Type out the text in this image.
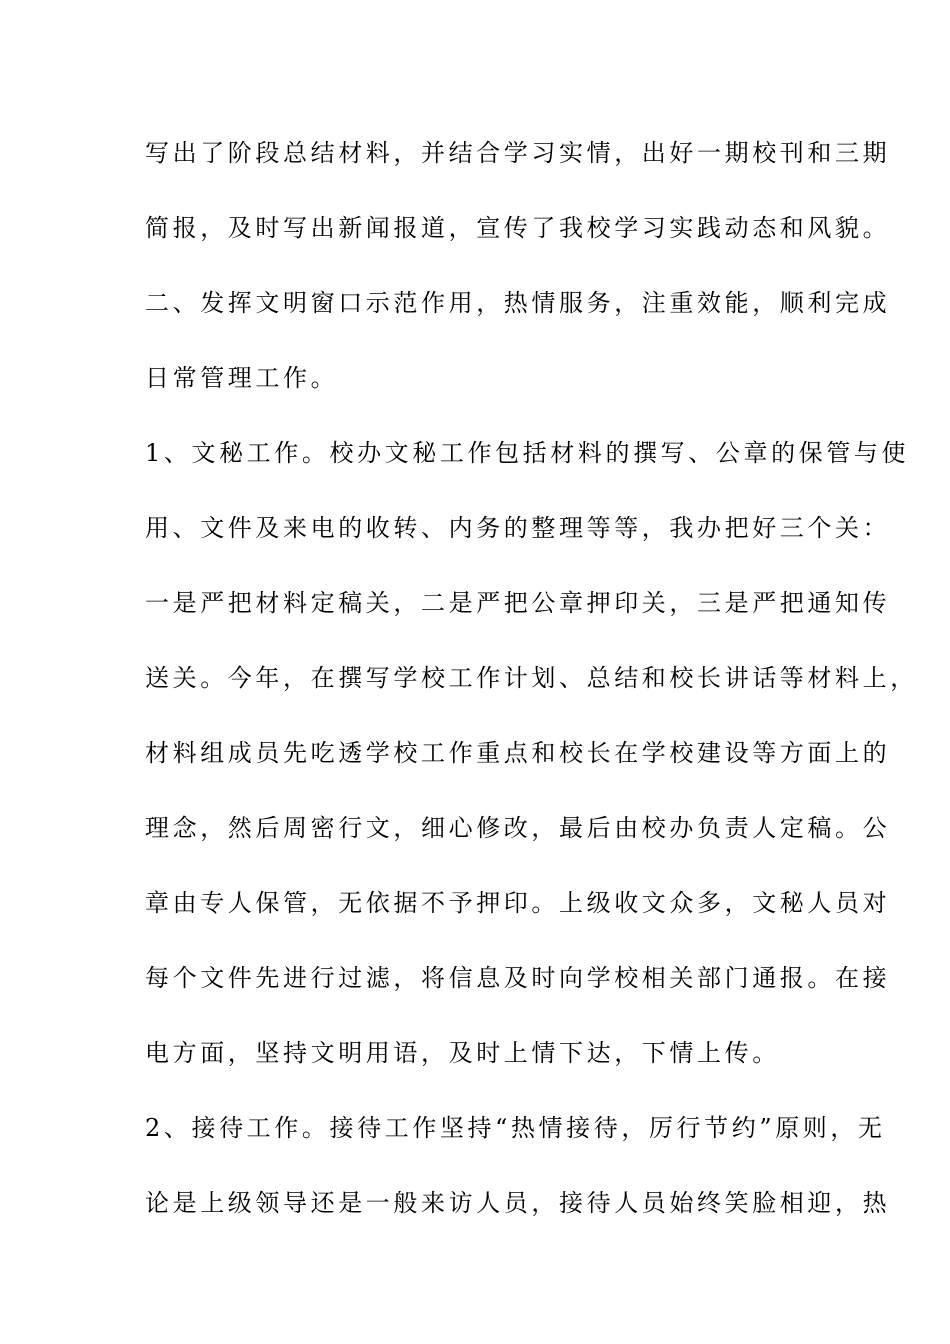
写出了阶段总结材料，并结合学习实情，出好一期校刊和三期
简报，及时写出新闻报道，宣传了我校学习实践动态和风貌。
二、发挥文明窗口示范作用，热情服务，注重效能，顺利完成
日常管理工作。
1、文秘工作。校办文秘工作包括材料的撰写、公章的保管与使
用、文件及来电的收转、内务的整理等等，我办把好三个关：
一是严把材料定稿关，二是严把公章押印关，三是严把通知传
送关。今年，在撰写学校工作计划、总结和校长讲话等材料上，
材料组成员先吃透学校工作重点和校长在学校建设等方面上的
理念，然后周密行文，细心修改，最后由校办负责人定稿。公
章由专人保管，无依据不予押印。上级收文众多，文秘人员对
每个文件先进行过滤，将信息及时向学校相关部门通报。在接
电方面，坚持文明用语，及时上情下达，下情上传。
2、接待工作。接待工作坚持“热情接待，厉行节约”原则，无
论是上级领导还是一般来访人员，接待人员始终笑脸相迎，热
